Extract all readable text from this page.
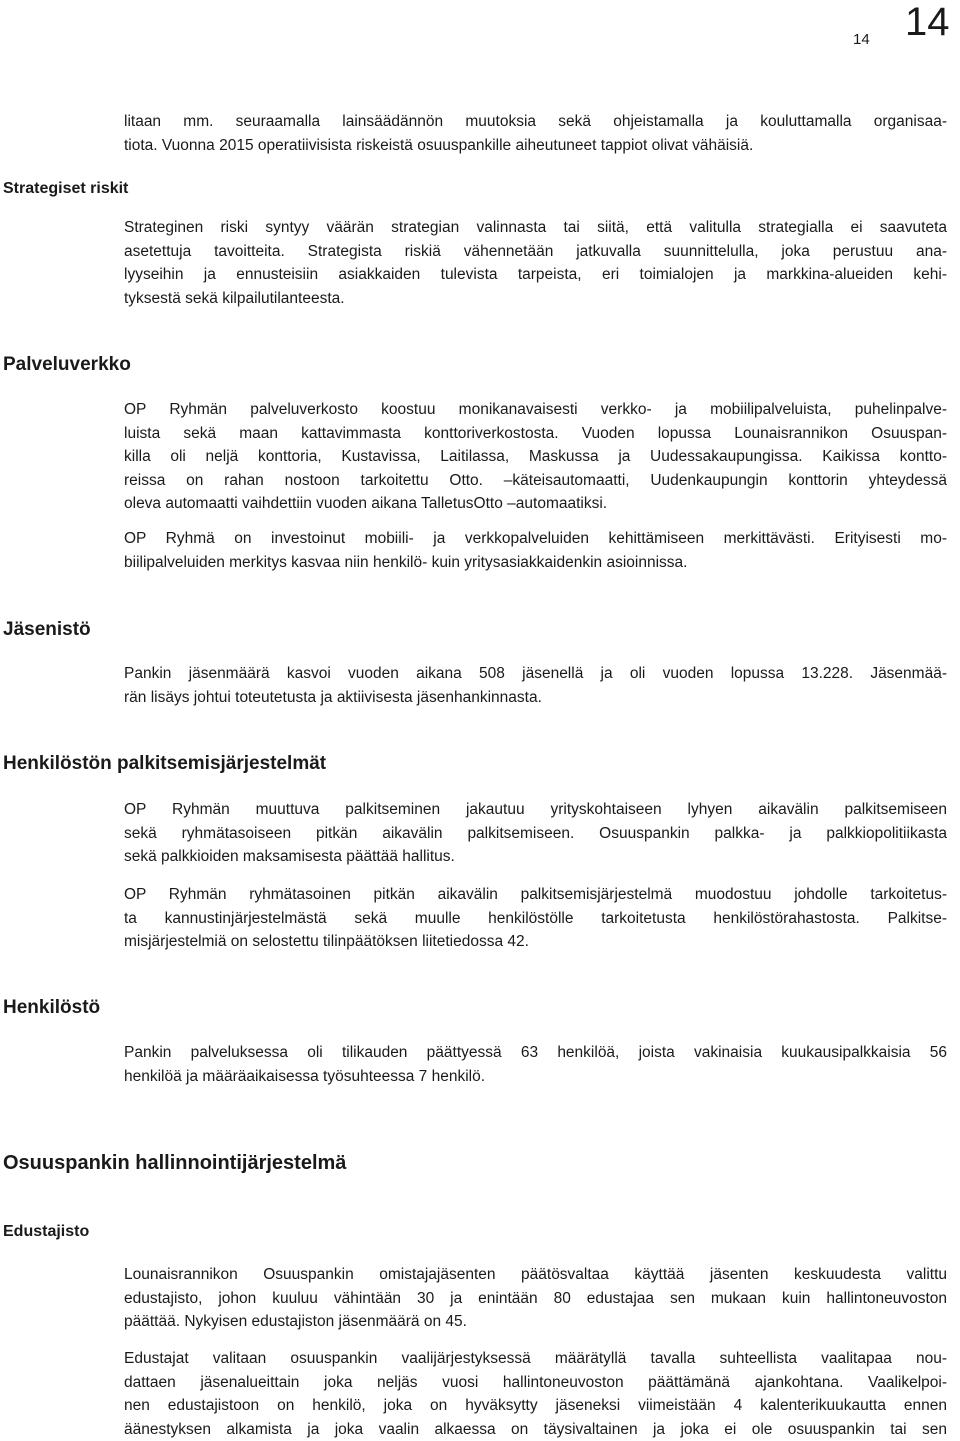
14 14
litaan mm. seuraamalla lainsäädännön muutoksia sekä ohjeistamalla ja kouluttamalla organisaa-
tiota. Vuonna 2015 operatiivisista riskeistä osuuspankille aiheutuneet tappiot olivat vähäisiä.
Strategiset riskit
Strateginen riski syntyy väärän strategian valinnasta tai siitä, että valitulla strategialla ei saavuteta
asetettuja tavoitteita. Strategista riskiä vähennetään jatkuvalla suunnittelulla, joka perustuu ana-
lyyseihin ja ennusteisiin asiakkaiden tulevista tarpeista, eri toimialojen ja markkina-alueiden kehi-
tyksestä sekä kilpailutilanteesta.
Palveluverkko
OP Ryhmän palveluverkosto koostuu monikanavaisesti verkko- ja mobiilipalveluista, puhelinpalve-
luista sekä maan kattavimmasta konttoriverkostosta. Vuoden lopussa Lounaisrannikon Osuuspan-
killa oli neljä konttoria, Kustavissa, Laitilassa, Maskussa ja Uudessakaupungissa. Kaikissa kontto-
reissa on rahan nostoon tarkoitettu Otto. –käteisautomaatti, Uudenkaupungin konttorin yhteydessä
oleva automaatti vaihdettiin vuoden aikana TalletusOtto –automaatiksi.
OP Ryhmä on investoinut mobiili- ja verkkopalveluiden kehittämiseen merkittävästi. Erityisesti mo-
biilipalveluiden merkitys kasvaa niin henkilö- kuin yritysasiakkaidenkin asioinnissa.
Jäsenistö
Pankin jäsenmäärä kasvoi vuoden aikana 508 jäsenellä ja oli vuoden lopussa 13.228. Jäsenmää-
rän lisäys johtui toteutetusta ja aktiivisesta jäsenhankinnasta.
Henkilöstön palkitsemisjärjestelmät
OP Ryhmän muuttuva palkitseminen jakautuu yrityskohtaiseen lyhyen aikavälin palkitsemiseen
sekä ryhmätasoiseen pitkän aikavälin palkitsemiseen. Osuuspankin palkka- ja palkkiopolitiikasta
sekä palkkioiden maksamisesta päättää hallitus.
OP Ryhmän ryhmätasoinen pitkän aikavälin palkitsemisjärjestelmä muodostuu johdolle tarkoitetus-
ta kannustinjärjestelmästä sekä muulle henkilöstölle tarkoitetusta henkilöstörahastosta. Palkitse-
misjärjestelmiä on selostettu tilinpäätöksen liitetiedossa 42.
Henkilöstö
Pankin palveluksessa oli tilikauden päättyessä 63 henkilöä, joista vakinaisia kuukausipalkkaisia 56
henkilöä ja määräaikaisessa työsuhteessa 7 henkilö.
Osuuspankin hallinnointijärjestelmä
Edustajisto
Lounaisrannikon Osuuspankin omistajajäsenten päätösvaltaa käyttää jäsenten keskuudesta valittu
edustajisto, johon kuuluu vähintään 30 ja enintään 80 edustajaa sen mukaan kuin hallintoneuvoston
päättää. Nykyisen edustajiston jäsenmäärä on 45.
Edustajat valitaan osuuspankin vaalijärjestyksessä määrätyllä tavalla suhteellista vaalitapaa nou-
dattaen jäsenalueittain joka neljäs vuosi hallintoneuvoston päättämänä ajankohtana. Vaalikelpoi-
nen edustajistoon on henkilö, joka on hyväksytty jäseneksi viimeistään 4 kalenterikuukautta ennen
äänestyksen alkamista ja joka vaalin alkaessa on täysivaltainen ja joka ei ole osuuspankin tai sen
